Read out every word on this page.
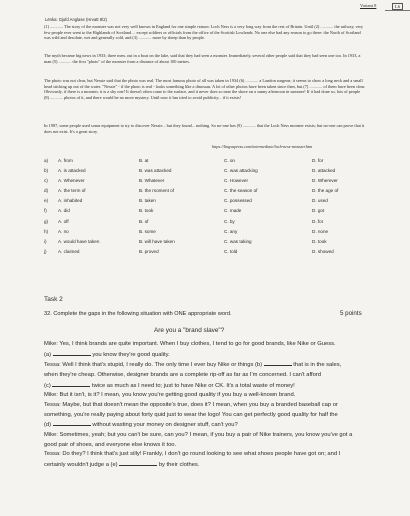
Variant 8	L6
Lёnka: Gjufd Anglase (Hrvatt 8/2)
(1) ............ The story of the monster was not very well known in England for one simple reason: Loch Ness is a very long way from the rest of Britain. Until (2) ............ the railway, very few people ever went to the Highlands of Scotland ... except soldiers or officials from the office of the Scottish Lowlands. No one else had any reason to go there: the North of Scotland was wild and desolate, wet and generally cold, and (3) ............ more by sheep than by people.
The myth became big news in 1933; three men, out in a boat on the lake, said that they had seen a monster. Immediately, several other people said that they had seen one too. In 1933, a man (5) ............ the first "photo" of the monster from a distance of about 100 metres.
The photo was not clear, but Nessie said that the photo was real. The most famous photo of all was taken in 1934 (6) ............ a London surgeon; it seems to show a long neck and a small head sticking up out of the water. "Nessie" - if the photo is real - looks something like a dinosaur. A lot of other photos have been taken since then, but (7) ............ of them have been clear. Obviously, if there is a monster, it is a shy one! It doesn't often come to the surface, and it never does so near the shore on a sunny afternoon in summer! If it had done so, lots of people (8) ............ photos of it, and there would be no more mystery. Until now it has tried to avoid publicity... if it exists!
In 1987, some people used sonar equipment to try to discover Nessie... but they found... nothing. So no-one has (9) ............ that the Loch Ness monster exists; but no-one can prove that it does not exist. It's a great story.
https://lingvapress.com/intermediate/loch-ness-monster.htm
a) A. from	B. at	C. on	D. for
b) A. is attacked	B. was attacked	C. was attacking	D. attacked
c) A. Whenever	B. Whatever	C. However	D. Wherever
d) A. the term of	B. the moment of	C. the season of	D. the age of
e) A. inhabited	B. taken	C. possessed	D. used
f) A. did	B. took	C. made	D. got
g) A. off	B. of	C. by	D. for
h) A. no	B. some	C. any	D. none
i) A. would have taken	B. will have taken	C. was taking	D. took
j) A. claimed	B. proved	C. told	D. showed
Task 2
5 points
32. Complete the gaps in the following situation with ONE appropriate word.
Are you a "brand slave"?

Mike: Yes, I think brands are quite important. When I buy clothes, I tend to go for good brands, like Nike or Guess.

(a)	you know they're good quality.

Tessa: Well I think that's stupid, I really do. The only time I ever buy Nike or things (b)	that is in the sales,

when they're cheap. Otherwise, designer brands are a complete rip-off as far as I'm concerned. I can't afford

(c)	twice as much as I need to; just to have Nike or CK. It's a total waste of money!

Mike: But it isn't, is it? I mean, you know you're getting good quality if you buy a well-known brand.

Tessa: Maybe, but that doesn't mean the opposite's true, does it? I mean, when you buy a branded baseball cap or

something, you're really paying about forty quid just to wear the logo! You can get perfectly good quality for half the

(d)	without wasting your money on designer stuff, can't you?

Mike: Sometimes, yeah; but you can't be sure, can you? I mean, if you buy a pair of Nike trainers, you know you've got a

good pair of shoes, and everyone else knows it too.

Tessa: Do they? I think that's just silly! Frankly, I don't go round looking to see what shoes people have got on; and I

certainly wouldn't judge a (e)	by their clothes.
